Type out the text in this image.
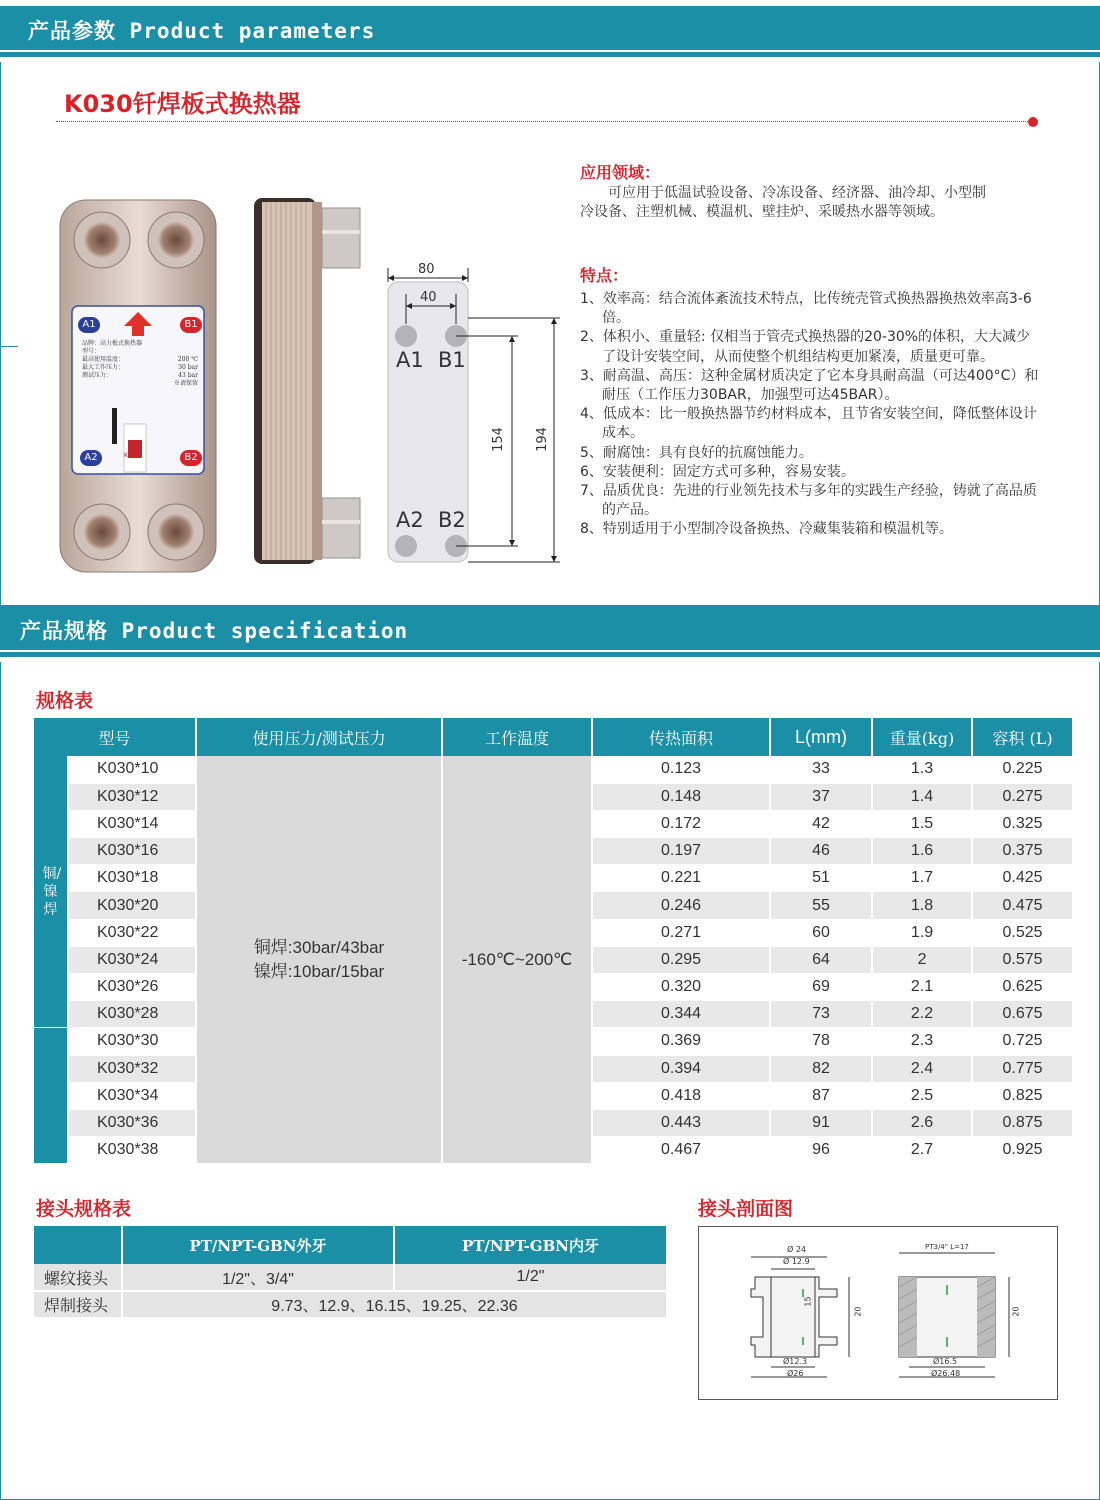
产品参数 Product parameters
K030钎焊板式换热器
A1	B1
A2	B2
品牌：高力板式换热器
型号：
最高使用温度：	200 ℃
最大工作压力：	30 bar
测试压力：	43 bar
※请保留
KAORI
80
40
154 194
A1 B1
A2 B2
应用领域：
可应用于低温试验设备、冷冻设备、经济器、油冷却、小型制
冷设备、注塑机械、模温机、壁挂炉、采暖热水器等领域。
特点：
1、效率高：结合流体紊流技术特点，比传统壳管式换热器换热效率高3-6倍。
2、体积小、重量轻: 仅相当于管壳式换热器的20-30%的体积，大大减少了设计安装空间，从而使整个机组结构更加紧凑，质量更可靠。
3、耐高温、高压：这种金属材质决定了它本身具耐高温（可达400°C）和耐压（工作压力30BAR，加强型可达45BAR）。
4、低成本：比一般换热器节约材料成本，且节省安装空间，降低整体设计成本。
5、耐腐蚀：具有良好的抗腐蚀能力。
6、安装便利：固定方式可多种，容易安装。
7、品质优良：先进的行业领先技术与多年的实践生产经验，铸就了高品质的产品。
8、特别适用于小型制冷设备换热、冷藏集装箱和模温机等。
产品规格 Product specification
规格表
型号		使用压力/测试压力	工作温度	传热面积	L(mm)	重量(kg)	容积 (L)
铜/镍焊	K030*10	铜焊:30bar/43bar
镍焊:10bar/15bar	-160℃~200℃	0.123	33	1.3	0.225
	K030*12			0.148	37	1.4	0.275
	K030*14			0.172	42	1.5	0.325
	K030*16			0.197	46	1.6	0.375
	K030*18			0.221	51	1.7	0.425
	K030*20			0.246	55	1.8	0.475
	K030*22			0.271	60	1.9	0.525
	K030*24			0.295	64	2	0.575
	K030*26			0.320	69	2.1	0.625
	K030*28			0.344	73	2.2	0.675
	K030*30			0.369	78	2.3	0.725
	K030*32			0.394	82	2.4	0.775
	K030*34			0.418	87	2.5	0.825
	K030*36			0.443	91	2.6	0.875
	K030*38			0.467	96	2.7	0.925
接头规格表
	PT/NPT-GBN外牙	PT/NPT-GBN内牙
螺纹接头	1/2"、3/4"	1/2"
焊制接头	9.73、12.9、16.15、19.25、22.36	
接头剖面图
Ø 24
Ø 12.9
15
20
Ø12.3
Ø26
PT3/4" L=17
20
Ø16.5
Ø26.48
